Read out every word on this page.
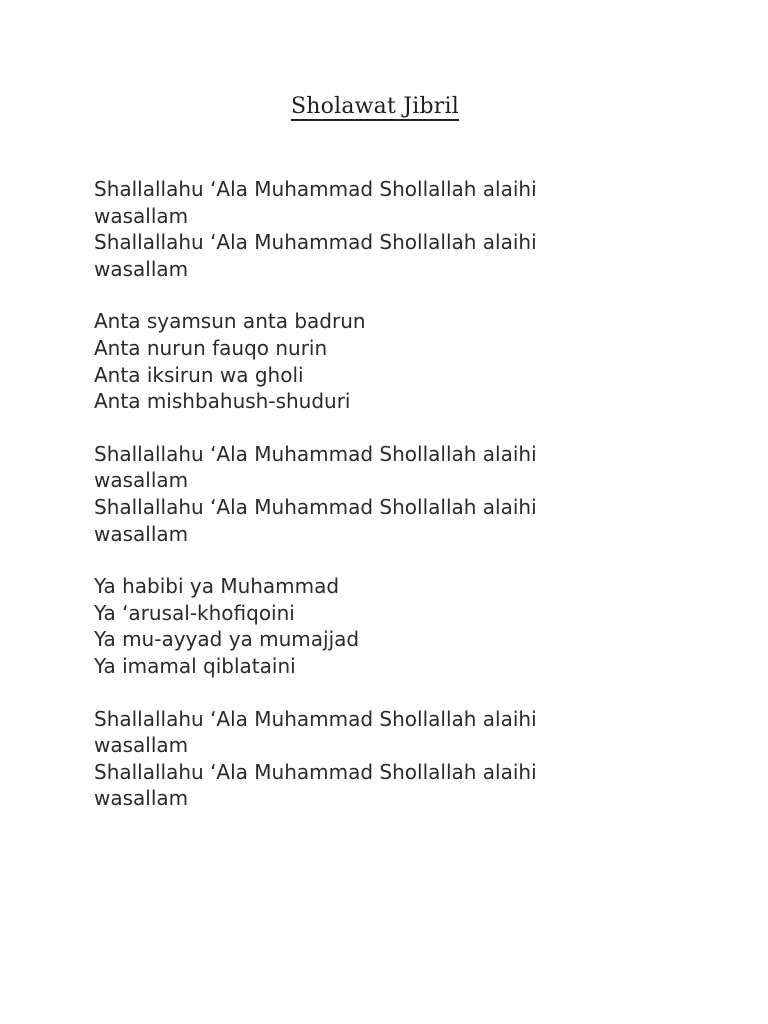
Sholawat Jibril
Shallallahu ‘Ala Muhammad Shollallah alaihi
wasallam
Shallallahu ‘Ala Muhammad Shollallah alaihi
wasallam
Anta syamsun anta badrun
Anta nurun fauqo nurin
Anta iksirun wa gholi
Anta mishbahush-shuduri
Shallallahu ‘Ala Muhammad Shollallah alaihi
wasallam
Shallallahu ‘Ala Muhammad Shollallah alaihi
wasallam
Ya habibi ya Muhammad
Ya ‘arusal-khofiqoini
Ya mu-ayyad ya mumajjad
Ya imamal qiblataini
Shallallahu ‘Ala Muhammad Shollallah alaihi
wasallam
Shallallahu ‘Ala Muhammad Shollallah alaihi
wasallam
